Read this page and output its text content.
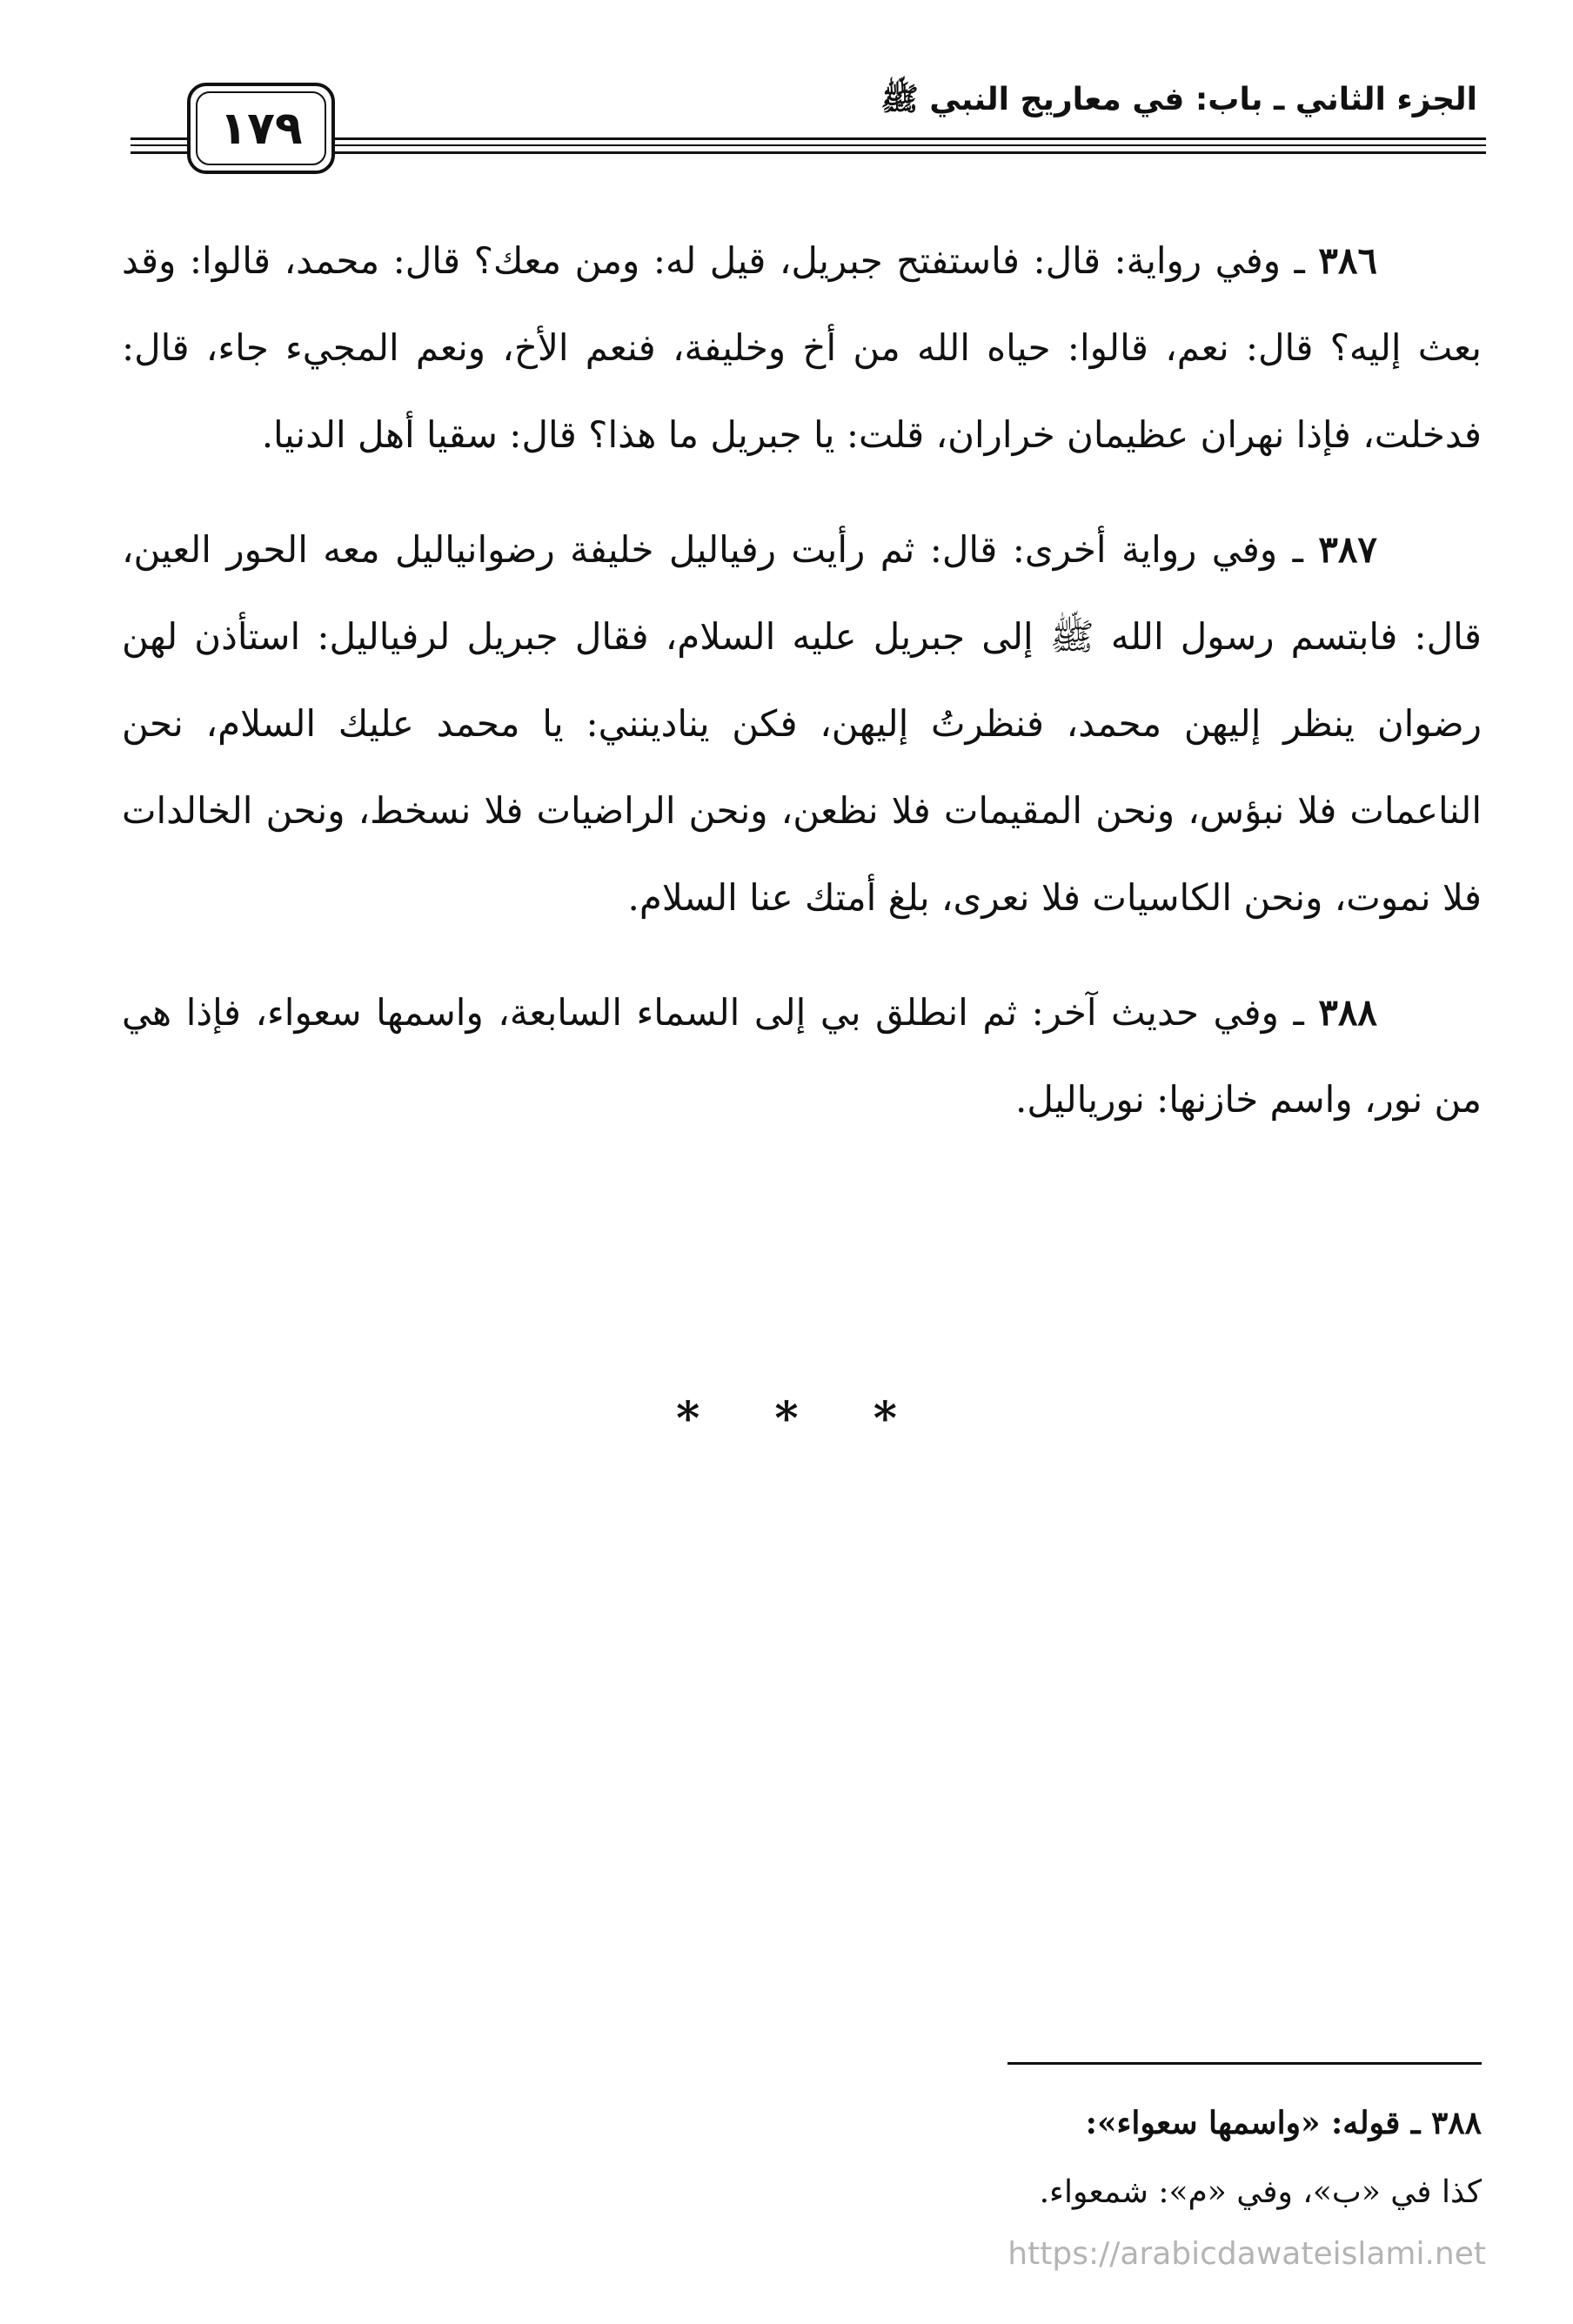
الجزء الثاني ـ باب: في معاريج النبي ﷺ
١٧٩

٣٨٦ ـ وفي رواية: قال: فاستفتح جبريل، قيل له: ومن معك؟ قال: محمد، قالوا: وقد بعث إليه؟ قال: نعم، قالوا: حياه الله من أخ وخليفة، فنعم الأخ، ونعم المجيء جاء، قال: فدخلت، فإذا نهران عظيمان خراران، قلت: يا جبريل ما هذا؟ قال: سقيا أهل الدنيا.

٣٨٧ ـ وفي رواية أخرى: قال: ثم رأيت رفياليل خليفة رضوانياليل معه الحور العين، قال: فابتسم رسول الله ﷺ إلى جبريل عليه السلام، فقال جبريل لرفياليل: استأذن لهن رضوان ينظر إليهن محمد، فنظرتُ إليهن، فكن ينادينني: يا محمد عليك السلام، نحن الناعمات فلا نبؤس، ونحن المقيمات فلا نظعن، ونحن الراضيات فلا نسخط، ونحن الخالدات فلا نموت، ونحن الكاسيات فلا نعرى، بلغ أمتك عنا السلام.

٣٨٨ ـ وفي حديث آخر: ثم انطلق بي إلى السماء السابعة، واسمها سعواء، فإذا هي من نور، واسم خازنها: نورياليل.

* * *

٣٨٨ ـ قوله: «واسمها سعواء»:

كذا في «ب»، وفي «م»: شمعواء.

https://arabicdawateislami.net
